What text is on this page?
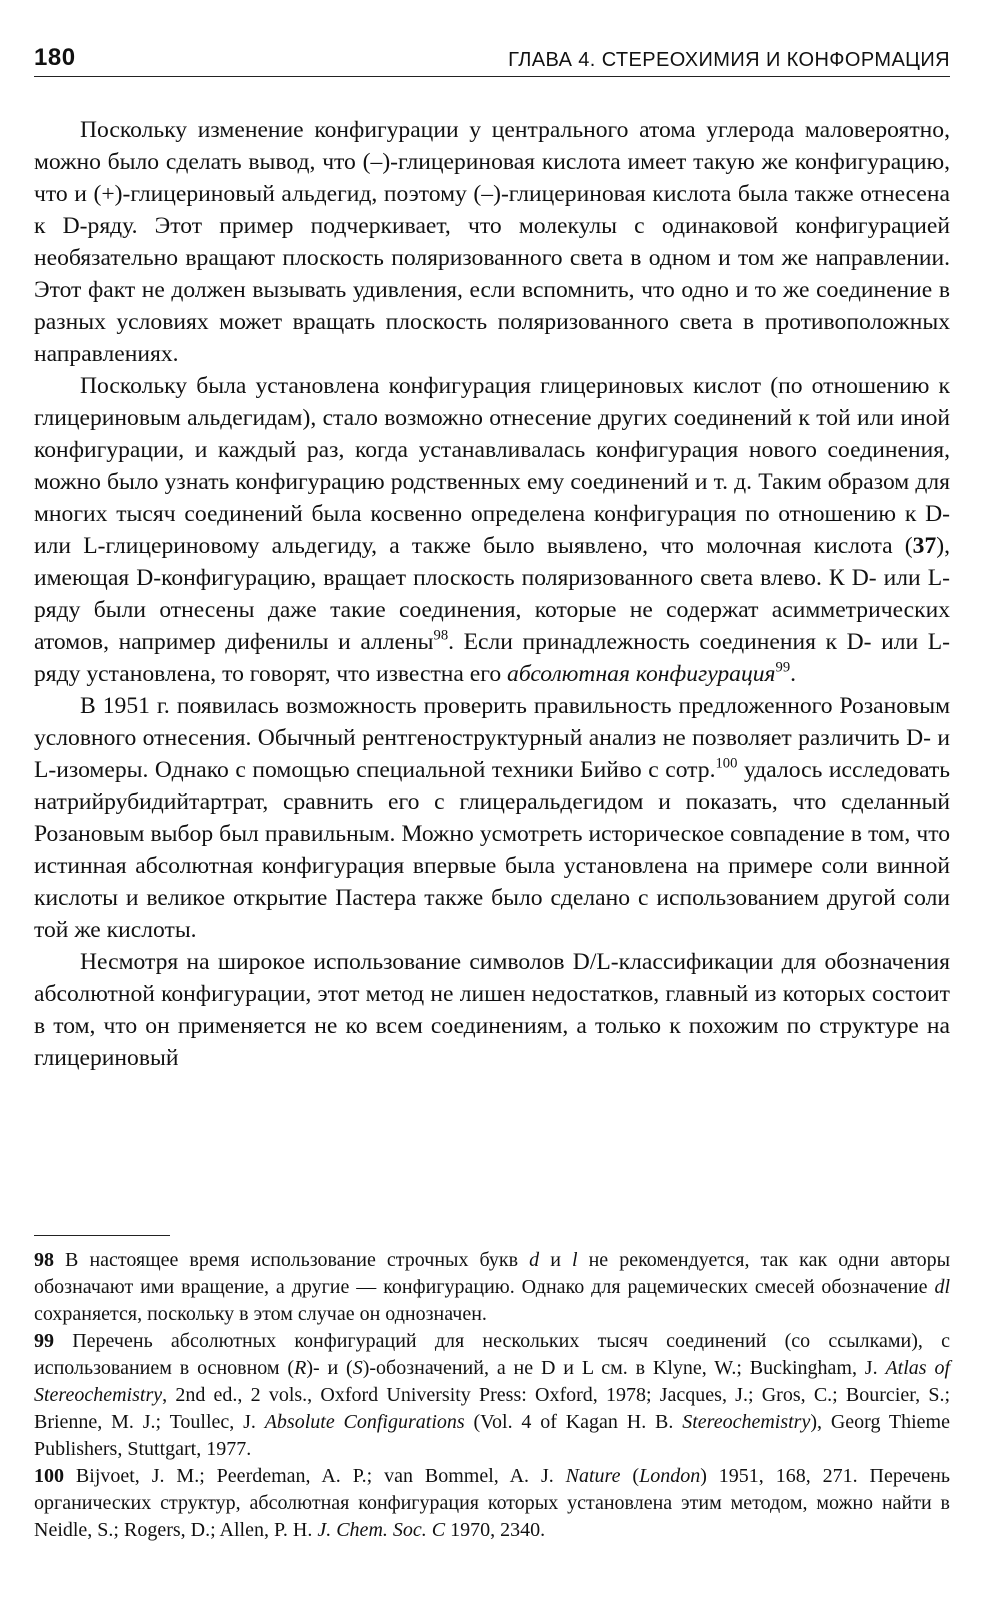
180	ГЛАВА 4. СТЕРЕОХИМИЯ И КОНФОРМАЦИЯ

Поскольку изменение конфигурации у центрального атома углерода маловероятно, можно было сделать вывод, что (–)-глицериновая кислота имеет такую же конфигурацию, что и (+)-глицериновый альдегид, поэтому (–)-глицериновая кислота была также отнесена к D-ряду. Этот пример подчеркивает, что молекулы с одинаковой конфигурацией необязательно вращают плоскость поляризованного света в одном и том же направлении. Этот факт не должен вызывать удивления, если вспомнить, что одно и то же соединение в разных условиях может вращать плоскость поляризованного света в противоположных направлениях.

Поскольку была установлена конфигурация глицериновых кислот (по отношению к глицериновым альдегидам), стало возможно отнесение других соединений к той или иной конфигурации, и каждый раз, когда устанавливалась конфигурация нового соединения, можно было узнать конфигурацию родственных ему соединений и т. д. Таким образом для многих тысяч соединений была косвенно определена конфигурация по отношению к D- или L-глицериновому альдегиду, а также было выявлено, что молочная кислота (37), имеющая D-конфигурацию, вращает плоскость поляризованного света влево. К D- или L-ряду были отнесены даже такие соединения, которые не содержат асимметрических атомов, например дифенилы и аллены$^{98}$. Если принадлежность соединения к D- или L-ряду установлена, то говорят, что известна его абсолютная конфигурация$^{99}$.

В 1951 г. появилась возможность проверить правильность предложенного Розановым условного отнесения. Обычный рентгеноструктурный анализ не позволяет различить D- и L-изомеры. Однако с помощью специальной техники Бийво с сотр.$^{100}$ удалось исследовать натрийрубидийтартрат, сравнить его с глицеральдегидом и показать, что сделанный Розановым выбор был правильным. Можно усмотреть историческое совпадение в том, что истинная абсолютная конфигурация впервые была установлена на примере соли винной кислоты и великое открытие Пастера также было сделано с использованием другой соли той же кислоты.

Несмотря на широкое использование символов D/L-классификации для обозначения абсолютной конфигурации, этот метод не лишен недостатков, главный из которых состоит в том, что он применяется не ко всем соединениям, а только к похожим по структуре на глицериновый

98 В настоящее время использование строчных букв d и l не рекомендуется, так как одни авторы обозначают ими вращение, а другие — конфигурацию. Однако для рацемических смесей обозначение dl сохраняется, поскольку в этом случае он однозначен.

99 Перечень абсолютных конфигураций для нескольких тысяч соединений (со ссылками), с использованием в основном (R)- и (S)-обозначений, а не D и L см. в Klyne, W.; Buckingham, J. Atlas of Stereochemistry, 2nd ed., 2 vols., Oxford University Press: Oxford, 1978; Jacques, J.; Gros, C.; Bourcier, S.; Brienne, M. J.; Toullec, J. Absolute Configurations (Vol. 4 of Kagan H. B. Stereochemistry), Georg Thieme Publishers, Stuttgart, 1977.

100 Bijvoet, J. M.; Peerdeman, A. P.; van Bommel, A. J. Nature (London) 1951, 168, 271. Перечень органических структур, абсолютная конфигурация которых установлена этим методом, можно найти в Neidle, S.; Rogers, D.; Allen, P. H. J. Chem. Soc. C 1970, 2340.
